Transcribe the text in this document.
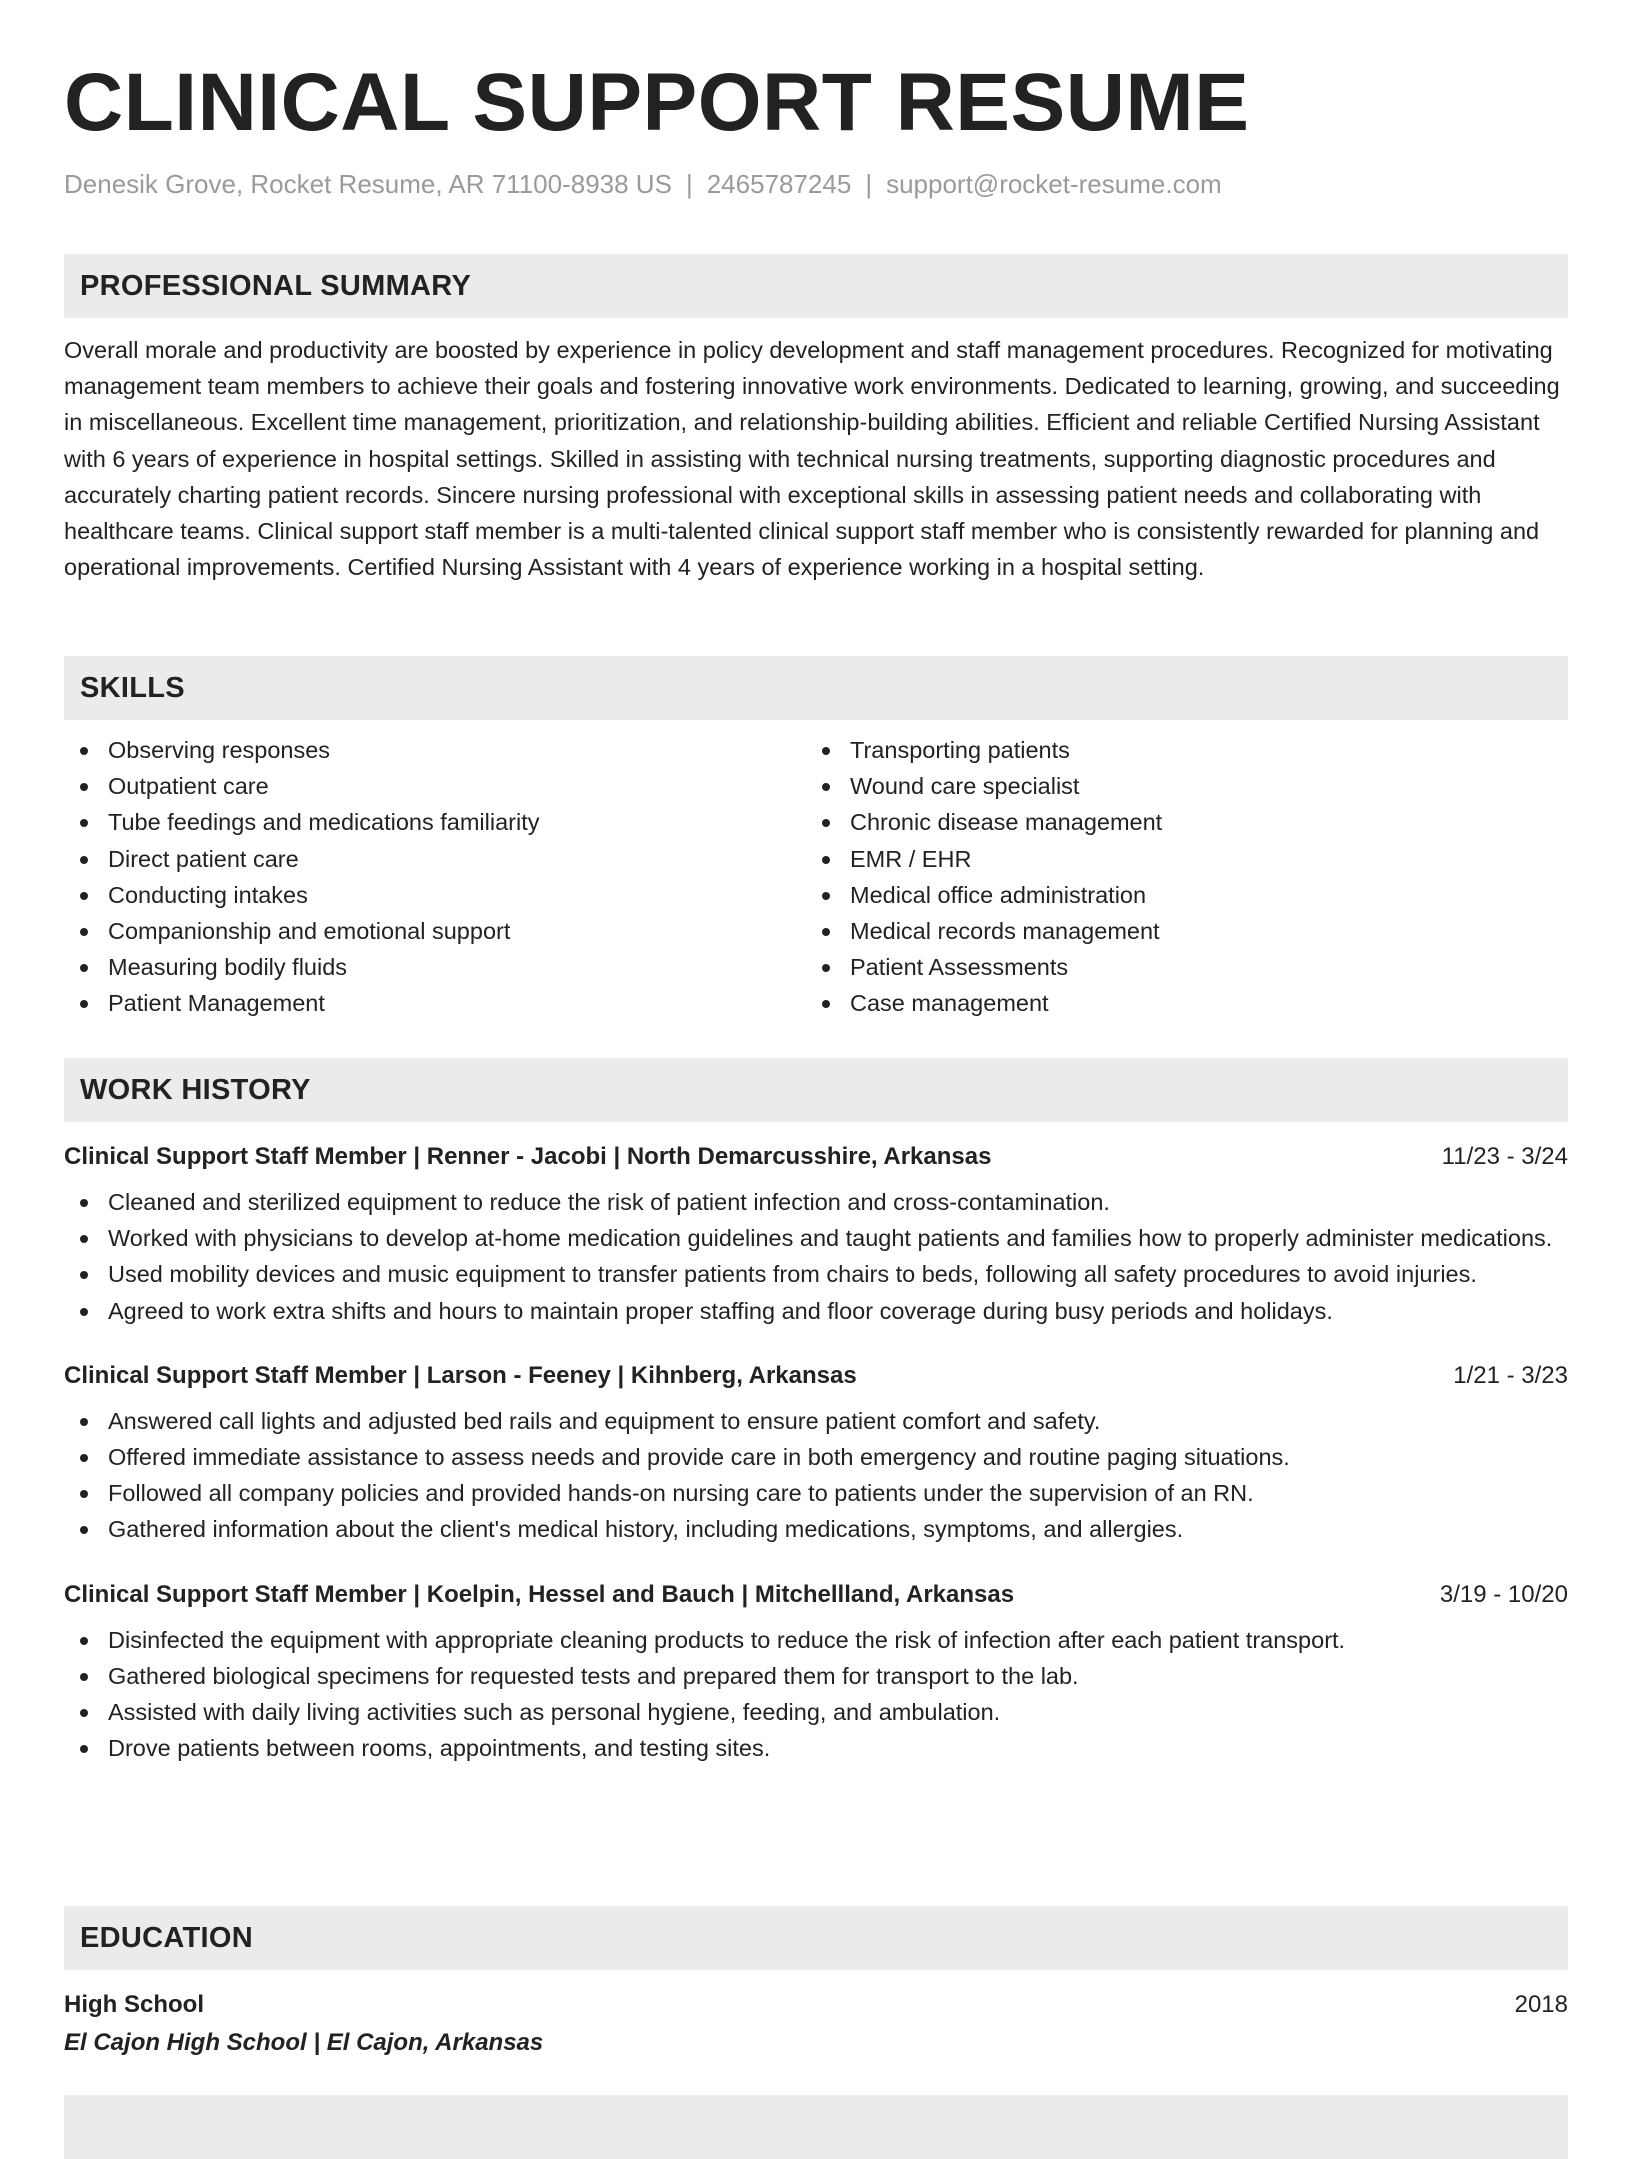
CLINICAL SUPPORT RESUME
Denesik Grove, Rocket Resume, AR 71100-8938 US | 2465787245 | support@rocket-resume.com
PROFESSIONAL SUMMARY

Overall morale and productivity are boosted by experience in policy development and staff management procedures. Recognized for motivating management team members to achieve their goals and fostering innovative work environments. Dedicated to learning, growing, and succeeding in miscellaneous. Excellent time management, prioritization, and relationship-building abilities. Efficient and reliable Certified Nursing Assistant with 6 years of experience in hospital settings. Skilled in assisting with technical nursing treatments, supporting diagnostic procedures and accurately charting patient records. Sincere nursing professional with exceptional skills in assessing patient needs and collaborating with healthcare teams. Clinical support staff member is a multi-talented clinical support staff member who is consistently rewarded for planning and operational improvements. Certified Nursing Assistant with 4 years of experience working in a hospital setting.

SKILLS
Observing responses
Outpatient care
Tube feedings and medications familiarity
Direct patient care
Conducting intakes
Companionship and emotional support
Measuring bodily fluids
Patient Management
Transporting patients
Wound care specialist
Chronic disease management
EMR / EHR
Medical office administration
Medical records management
Patient Assessments
Case management
WORK HISTORY
Clinical Support Staff Member | Renner - Jacobi | North Demarcusshire, Arkansas	11/23 - 3/24
Cleaned and sterilized equipment to reduce the risk of patient infection and cross-contamination.
Worked with physicians to develop at-home medication guidelines and taught patients and families how to properly administer medications.
Used mobility devices and music equipment to transfer patients from chairs to beds, following all safety procedures to avoid injuries.
Agreed to work extra shifts and hours to maintain proper staffing and floor coverage during busy periods and holidays.
Clinical Support Staff Member | Larson - Feeney | Kihnberg, Arkansas	1/21 - 3/23
Answered call lights and adjusted bed rails and equipment to ensure patient comfort and safety.
Offered immediate assistance to assess needs and provide care in both emergency and routine paging situations.
Followed all company policies and provided hands-on nursing care to patients under the supervision of an RN.
Gathered information about the client's medical history, including medications, symptoms, and allergies.
Clinical Support Staff Member | Koelpin, Hessel and Bauch | Mitchellland, Arkansas	3/19 - 10/20
Disinfected the equipment with appropriate cleaning products to reduce the risk of infection after each patient transport.
Gathered biological specimens for requested tests and prepared them for transport to the lab.
Assisted with daily living activities such as personal hygiene, feeding, and ambulation.
Drove patients between rooms, appointments, and testing sites.
EDUCATION
High School	2018
El Cajon High School | El Cajon, Arkansas
